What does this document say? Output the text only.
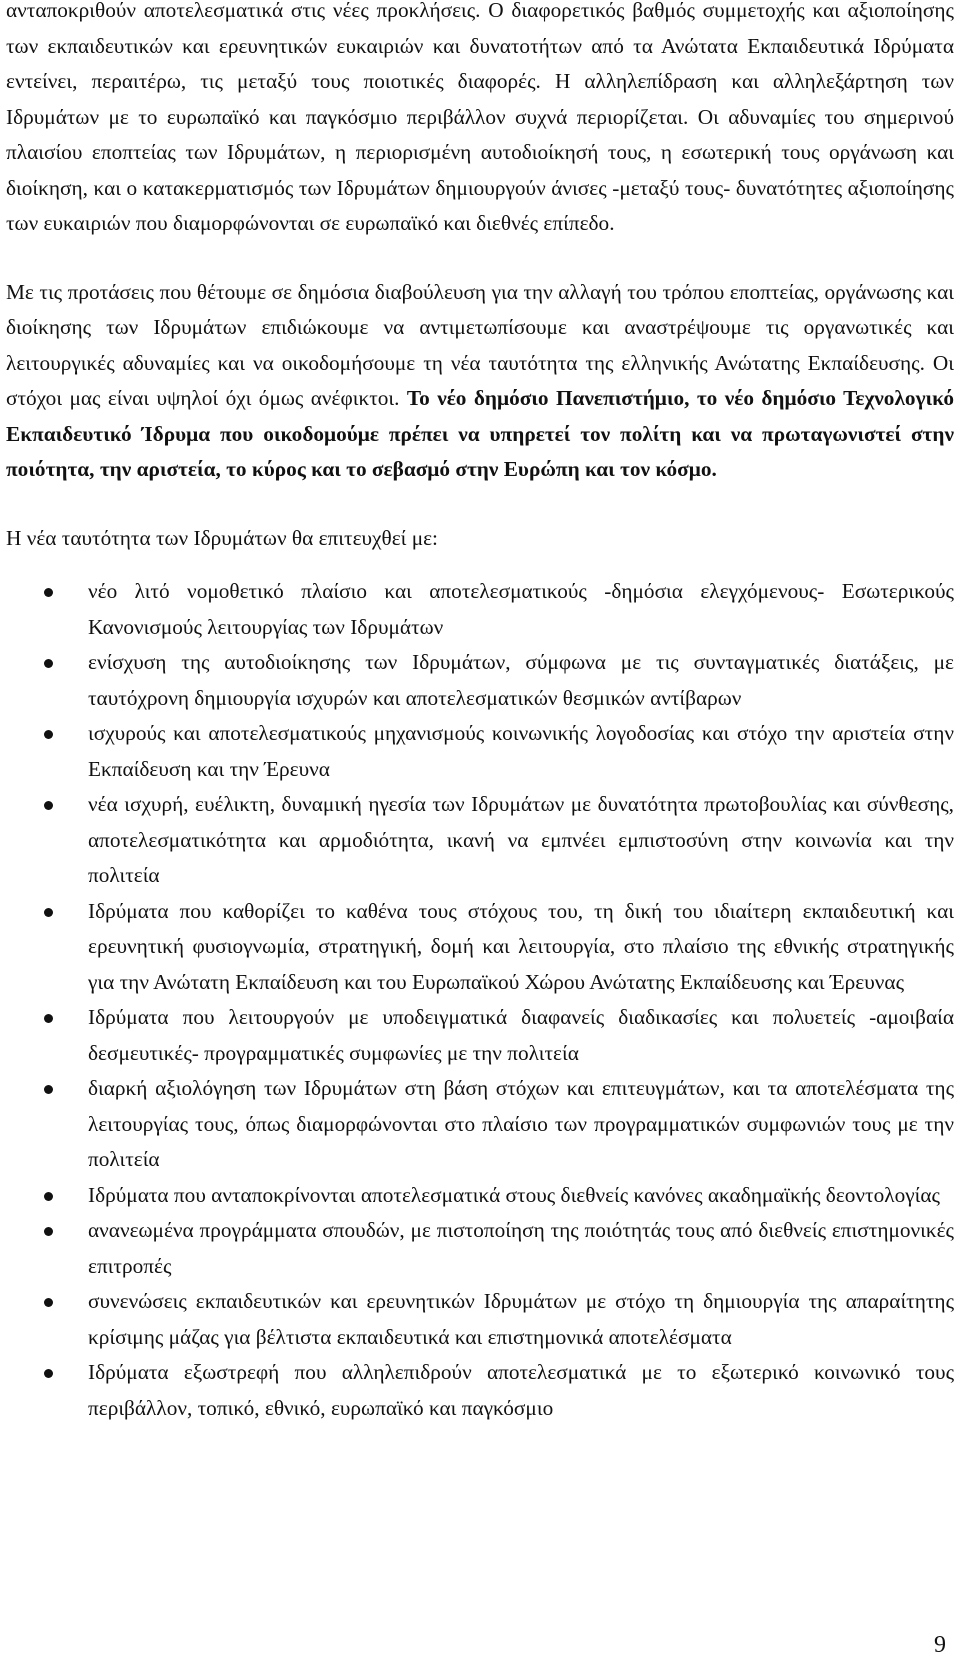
ανταποκριθούν αποτελεσματικά στις νέες προκλήσεις. Ο διαφορετικός βαθμός συμμετοχής και αξιοποίησης των εκπαιδευτικών και ερευνητικών ευκαιριών και δυνατοτήτων από τα Ανώτατα Εκπαιδευτικά Ιδρύματα εντείνει, περαιτέρω, τις μεταξύ τους ποιοτικές διαφορές. Η αλληλεπίδραση και αλληλεξάρτηση των Ιδρυμάτων με το ευρωπαϊκό και παγκόσμιο περιβάλλον συχνά περιορίζεται. Οι αδυναμίες του σημερινού πλαισίου εποπτείας των Ιδρυμάτων, η περιορισμένη αυτοδιοίκησή τους, η εσωτερική τους οργάνωση και διοίκηση, και ο κατακερματισμός των Ιδρυμάτων δημιουργούν άνισες -μεταξύ τους- δυνατότητες αξιοποίησης των ευκαιριών που διαμορφώνονται σε ευρωπαϊκό και διεθνές επίπεδο.

Με τις προτάσεις που θέτουμε σε δημόσια διαβούλευση για την αλλαγή του τρόπου εποπτείας, οργάνωσης και διοίκησης των Ιδρυμάτων επιδιώκουμε να αντιμετωπίσουμε και αναστρέψουμε τις οργανωτικές και λειτουργικές αδυναμίες και να οικοδομήσουμε τη νέα ταυτότητα της ελληνικής Ανώτατης Εκπαίδευσης. Οι στόχοι μας είναι υψηλοί όχι όμως ανέφικτοι. Το νέο δημόσιο Πανεπιστήμιο, το νέο δημόσιο Τεχνολογικό Εκπαιδευτικό Ίδρυμα που οικοδομούμε πρέπει να υπηρετεί τον πολίτη και να πρωταγωνιστεί στην ποιότητα, την αριστεία, το κύρος και το σεβασμό στην Ευρώπη και τον κόσμο.

Η νέα ταυτότητα των Ιδρυμάτων θα επιτευχθεί με:

νέο λιτό νομοθετικό πλαίσιο και αποτελεσματικούς -δημόσια ελεγχόμενους- Εσωτερικούς Κανονισμούς λειτουργίας των Ιδρυμάτων
ενίσχυση της αυτοδιοίκησης των Ιδρυμάτων, σύμφωνα με τις συνταγματικές διατάξεις, με ταυτόχρονη δημιουργία ισχυρών και αποτελεσματικών θεσμικών αντίβαρων
ισχυρούς και αποτελεσματικούς μηχανισμούς κοινωνικής λογοδοσίας και στόχο την αριστεία στην Εκπαίδευση και την Έρευνα
νέα ισχυρή, ευέλικτη, δυναμική ηγεσία των Ιδρυμάτων με δυνατότητα πρωτοβουλίας και σύνθεσης, αποτελεσματικότητα και αρμοδιότητα, ικανή να εμπνέει εμπιστοσύνη στην κοινωνία και την πολιτεία
Ιδρύματα που καθορίζει το καθένα τους στόχους του, τη δική του ιδιαίτερη εκπαιδευτική και ερευνητική φυσιογνωμία, στρατηγική, δομή και λειτουργία, στο πλαίσιο της εθνικής στρατηγικής για την Ανώτατη Εκπαίδευση και του Ευρωπαϊκού Χώρου Ανώτατης Εκπαίδευσης και Έρευνας
Ιδρύματα που λειτουργούν με υποδειγματικά διαφανείς διαδικασίες και πολυετείς -αμοιβαία δεσμευτικές- προγραμματικές συμφωνίες με την πολιτεία
διαρκή αξιολόγηση των Ιδρυμάτων στη βάση στόχων και επιτευγμάτων, και τα αποτελέσματα της λειτουργίας τους, όπως διαμορφώνονται στο πλαίσιο των προγραμματικών συμφωνιών τους με την πολιτεία
Ιδρύματα που ανταποκρίνονται αποτελεσματικά στους διεθνείς κανόνες ακαδημαϊκής δεοντολογίας
ανανεωμένα προγράμματα σπουδών, με πιστοποίηση της ποιότητάς τους από διεθνείς επιστημονικές επιτροπές
συνενώσεις εκπαιδευτικών και ερευνητικών Ιδρυμάτων με στόχο τη δημιουργία της απαραίτητης κρίσιμης μάζας για βέλτιστα εκπαιδευτικά και επιστημονικά αποτελέσματα
Ιδρύματα εξωστρεφή που αλληλεπιδρούν αποτελεσματικά με το εξωτερικό κοινωνικό τους περιβάλλον, τοπικό, εθνικό, ευρωπαϊκό και παγκόσμιο
9
